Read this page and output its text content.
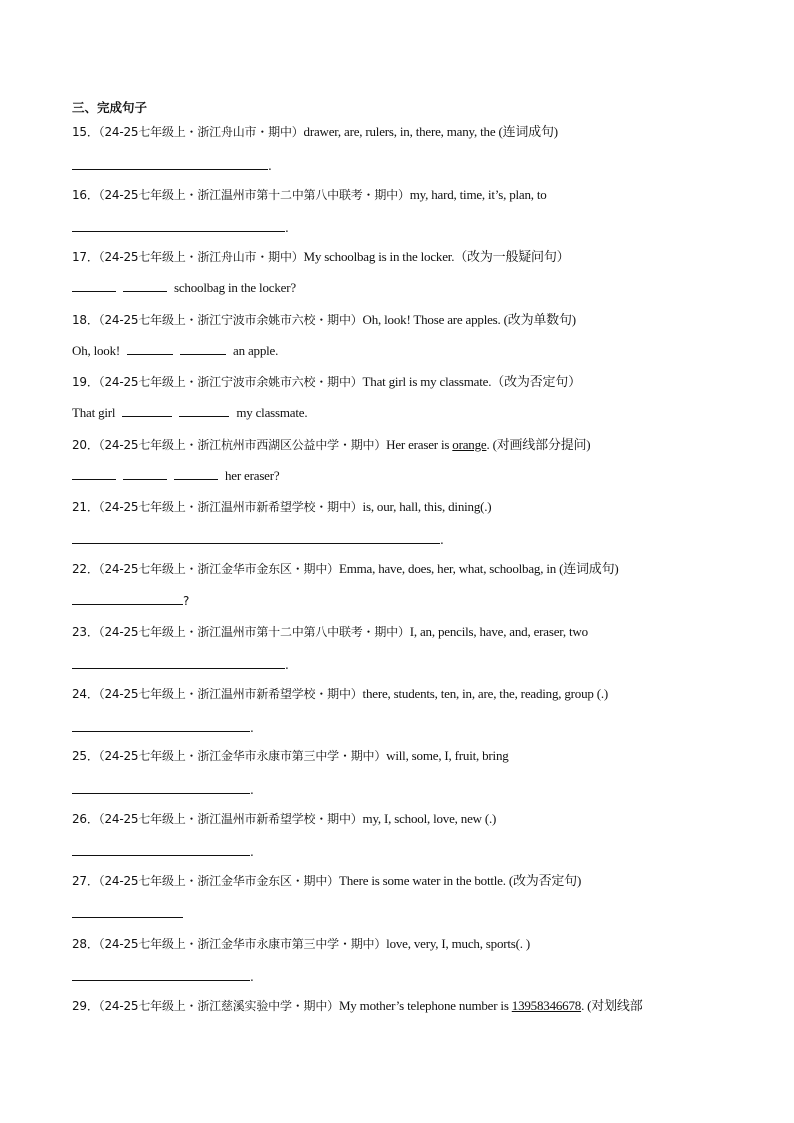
三、完成句子
15．（24-25七年级上・浙江舟山市・期中）drawer, are, rulers, in, there, many, the (连词成句)
.
16．（24-25七年级上・浙江温州市第十二中第八中联考・期中）my, hard, time, it’s, plan, to
.
17．（24-25七年级上・浙江舟山市・期中）My schoolbag is in the locker.（改为一般疑问句）
schoolbag in the locker?
18．（24-25七年级上・浙江宁波市余姚市六校・期中）Oh, look! Those are apples. (改为单数句)
Oh, look!	an apple.
19．（24-25七年级上・浙江宁波市余姚市六校・期中）That girl is my classmate.（改为否定句）
That girl	my classmate.
20．（24-25七年级上・浙江杭州市西湖区公益中学・期中）Her eraser is orange. (对画线部分提问)
her eraser?
21．（24-25七年级上・浙江温州市新希望学校・期中）is, our, hall, this, dining(.)
.
22．（24-25七年级上・浙江金华市金东区・期中）Emma, have, does, her, what, schoolbag, in (连词成句)
?
23．（24-25七年级上・浙江温州市第十二中第八中联考・期中）I, an, pencils, have, and, eraser, two
.
24．（24-25七年级上・浙江温州市新希望学校・期中）there, students, ten, in, are, the, reading, group (.)
.
25．（24-25七年级上・浙江金华市永康市第三中学・期中）will, some, I, fruit, bring
.
26．（24-25七年级上・浙江温州市新希望学校・期中）my, I, school, love, new (.)
.
27．（24-25七年级上・浙江金华市金东区・期中）There is some water in the bottle. (改为否定句)
28．（24-25七年级上・浙江金华市永康市第三中学・期中）love, very, I, much, sports(. )
.
29．（24-25七年级上・浙江慈溪实验中学・期中）My mother’s telephone number is 13958346678. (对划线部
